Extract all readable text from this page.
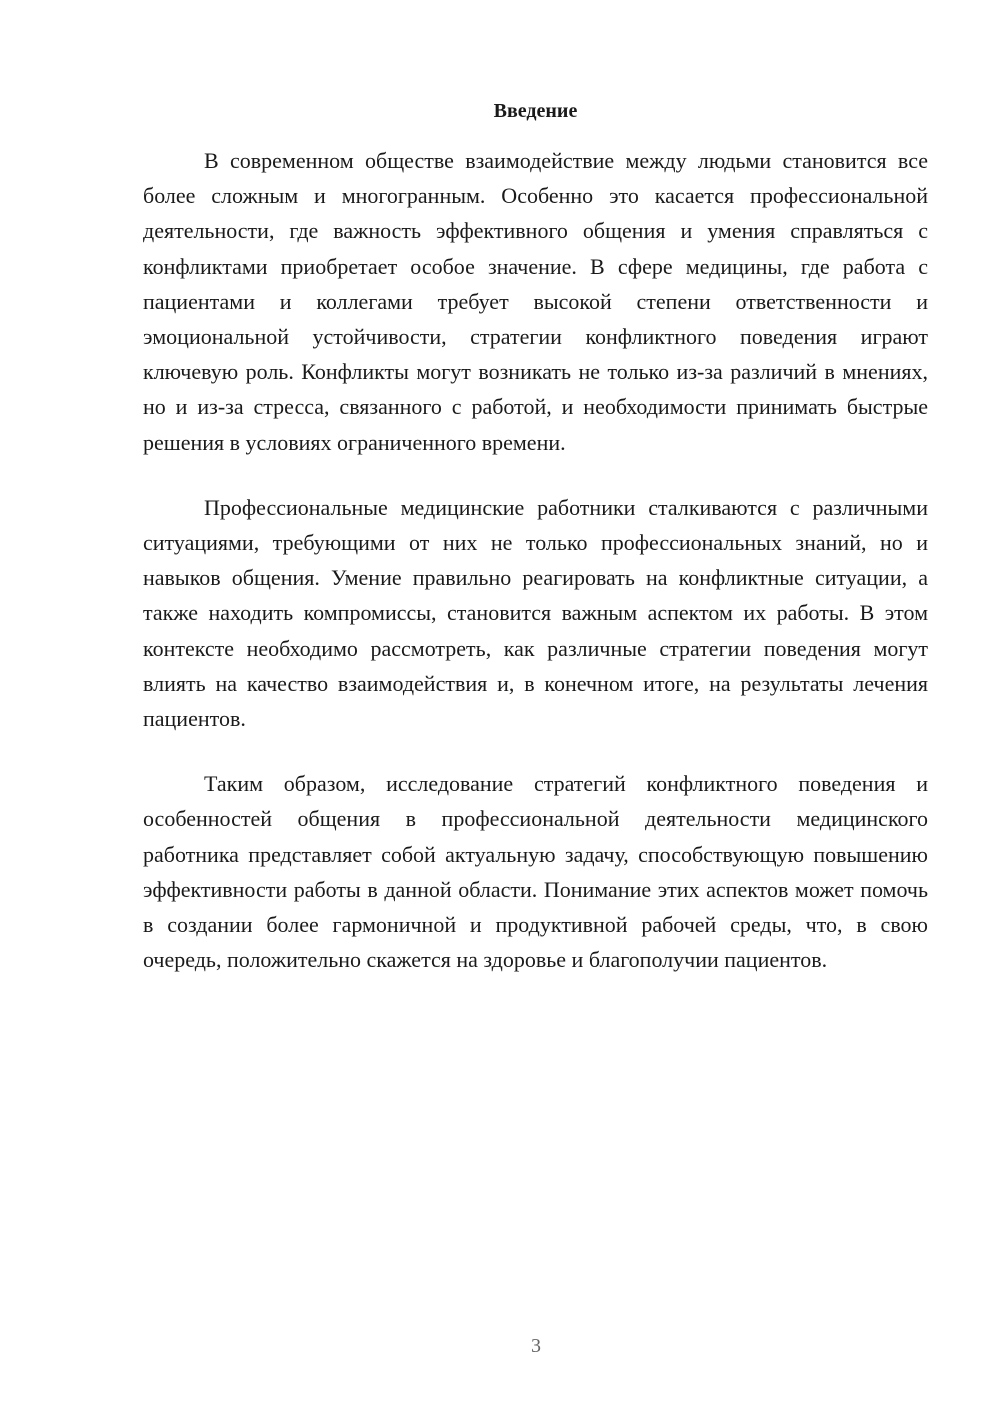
Введение

В современном обществе взаимодействие между людьми становится все более сложным и многогранным. Особенно это касается профессиональной деятельности, где важность эффективного общения и умения справляться с конфликтами приобретает особое значение. В сфере медицины, где работа с пациентами и коллегами требует высокой степени ответственности и эмоциональной устойчивости, стратегии конфликтного поведения играют ключевую роль. Конфликты могут возникать не только из-за различий в мнениях, но и из-за стресса, связанного с работой, и необходимости принимать быстрые решения в условиях ограниченного времени.

Профессиональные медицинские работники сталкиваются с различными ситуациями, требующими от них не только профессиональных знаний, но и навыков общения. Умение правильно реагировать на конфликтные ситуации, а также находить компромиссы, становится важным аспектом их работы. В этом контексте необходимо рассмотреть, как различные стратегии поведения могут влиять на качество взаимодействия и, в конечном итоге, на результаты лечения пациентов.

Таким образом, исследование стратегий конфликтного поведения и особенностей общения в профессиональной деятельности медицинского работника представляет собой актуальную задачу, способствующую повышению эффективности работы в данной области. Понимание этих аспектов может помочь в создании более гармоничной и продуктивной рабочей среды, что, в свою очередь, положительно скажется на здоровье и благополучии пациентов.

3
